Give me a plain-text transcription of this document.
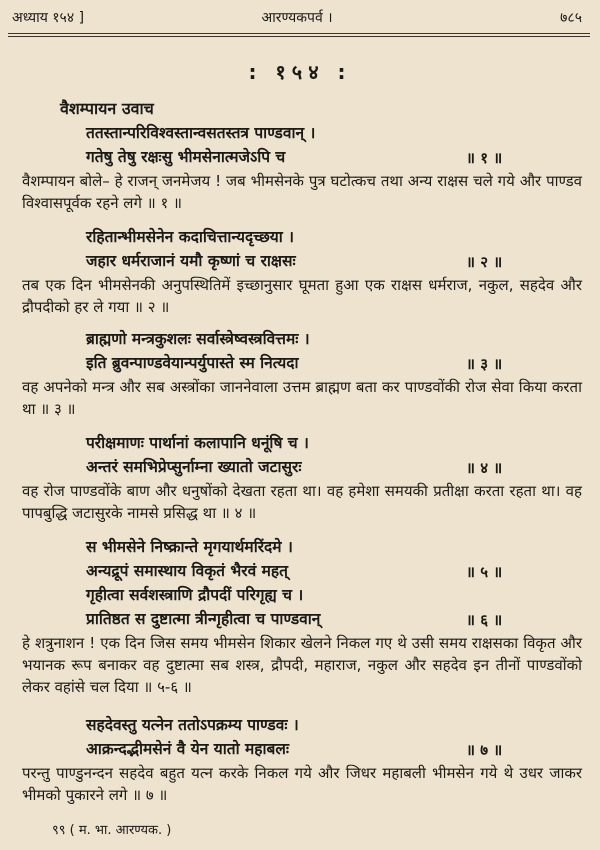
अध्याय १५४ ]	आरण्यकपर्व ।	७८५
: १५४ :
वैशम्पायन उवाच
ततस्तान्परिविश्वस्तान्वसतस्तत्र पाण्डवान् ।
गतेषु तेषु रक्षःसु भीमसेनात्मजेऽपि च	॥ १ ॥
वैशम्पायन बोले– हे राजन् जनमेजय ! जब भीमसेनके पुत्र घटोत्कच तथा अन्य राक्षस चले गये और पाण्डव विश्वासपूर्वक रहने लगे ॥ १ ॥
रहितान्भीमसेनेन कदाचित्तान्यदृच्छया ।
जहार धर्मराजानं यमौ कृष्णां च राक्षसः	॥ २ ॥
तब एक दिन भीमसेनकी अनुपस्थितिमें इच्छानुसार घूमता हुआ एक राक्षस धर्मराज, नकुल, सहदेव और द्रौपदीको हर ले गया ॥ २ ॥
ब्राह्मणो मन्त्रकुशलः सर्वास्त्रेष्वस्त्रवित्तमः ।
इति ब्रुवन्पाण्डवेयान्पर्युपास्ते स्म नित्यदा	॥ ३ ॥
वह अपनेको मन्त्र और सब अस्त्रोंका जाननेवाला उत्तम ब्राह्मण बता कर पाण्डवोंकी रोज सेवा किया करता था ॥ ३ ॥
परीक्षमाणः पार्थानां कलापानि धनूंषि च ।
अन्तरं समभिप्रेप्सुर्नाम्ना ख्यातो जटासुरः	॥ ४ ॥
वह रोज पाण्डवोंके बाण और धनुषोंको देखता रहता था। वह हमेशा समयकी प्रतीक्षा करता रहता था। वह पापबुद्धि जटासुरके नामसे प्रसिद्ध था ॥ ४ ॥
स भीमसेने निष्क्रान्ते मृगयार्थमरिंदमे ।
अन्यद्रूपं समास्थाय विकृतं भैरवं महत्	॥ ५ ॥
गृहीत्वा सर्वशस्त्राणि द्रौपदीं परिगृह्य च ।
प्रातिष्ठत स दुष्टात्मा त्रीन्गृहीत्वा च पाण्डवान्	॥ ६ ॥
हे शत्रुनाशन ! एक दिन जिस समय भीमसेन शिकार खेलने निकल गए थे उसी समय राक्षसका विकृत और भयानक रूप बनाकर वह दुष्टात्मा सब शस्त्र, द्रौपदी, महाराज, नकुल और सहदेव इन तीनों पाण्डवोंको लेकर वहांसे चल दिया ॥ ५-६ ॥
सहदेवस्तु यत्नेन ततोऽपक्रम्य पाण्डवः ।
आक्रन्दद्भीमसेनं वै येन यातो महाबलः	॥ ७ ॥
परन्तु पाण्डुनन्दन सहदेव बहुत यत्न करके निकल गये और जिधर महाबली भीमसेन गये थे उधर जाकर भीमको पुकारने लगे ॥ ७ ॥
९९ ( म. भा. आरण्यक. )
